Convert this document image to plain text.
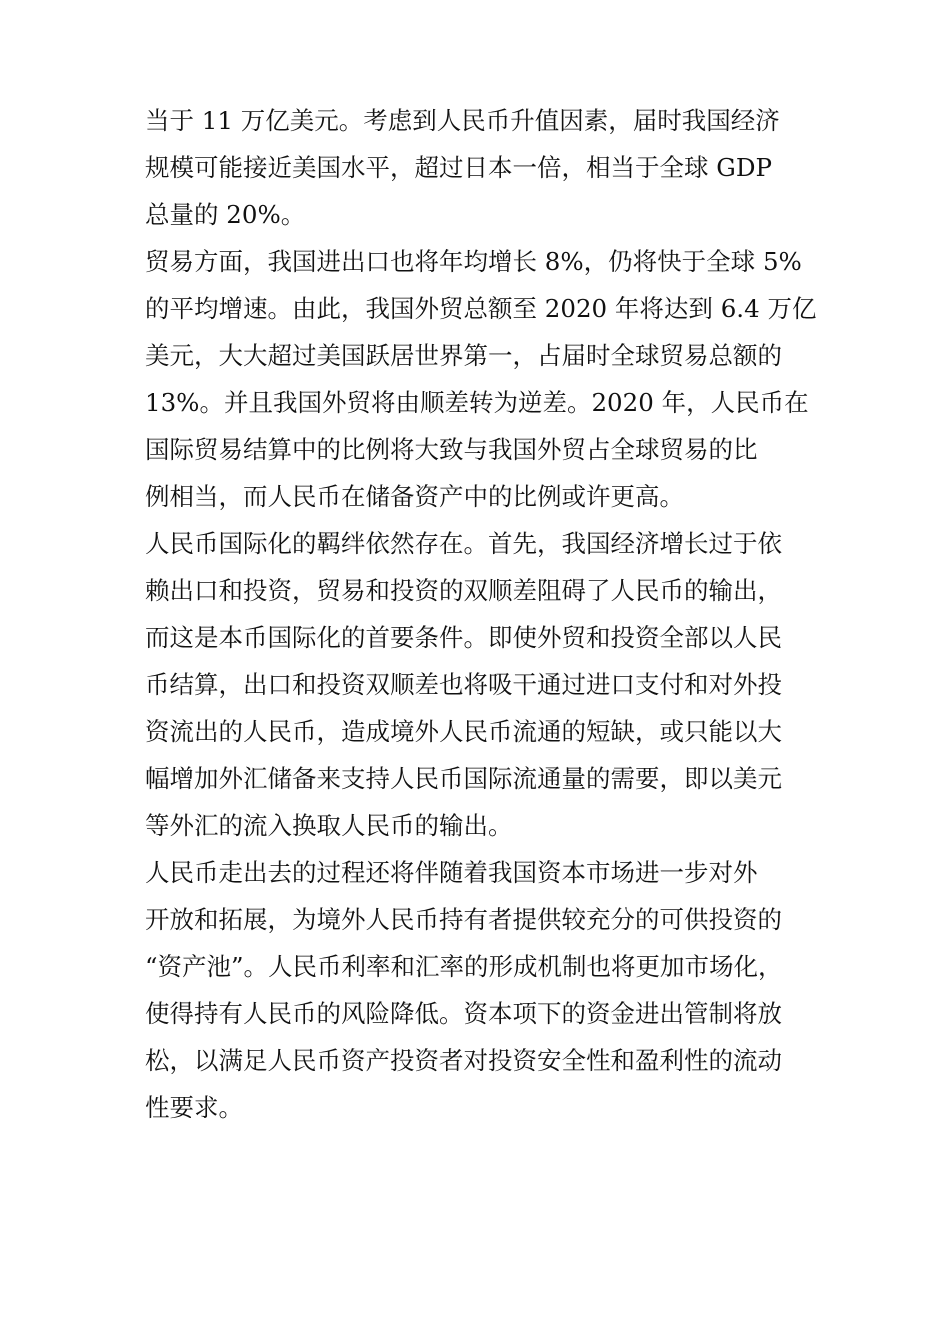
当于 11 万亿美元。考虑到人民币升值因素，届时我国经济
规模可能接近美国水平，超过日本一倍，相当于全球 GDP
总量的 20%。
贸易方面，我国进出口也将年均增长 8%，仍将快于全球 5%
的平均增速。由此，我国外贸总额至 2020 年将达到 6.4 万亿
美元，大大超过美国跃居世界第一，占届时全球贸易总额的
13%。并且我国外贸将由顺差转为逆差。2020 年，人民币在
国际贸易结算中的比例将大致与我国外贸占全球贸易的比
例相当，而人民币在储备资产中的比例或许更高。
人民币国际化的羁绊依然存在。首先，我国经济增长过于依
赖出口和投资，贸易和投资的双顺差阻碍了人民币的输出，
而这是本币国际化的首要条件。即使外贸和投资全部以人民
币结算，出口和投资双顺差也将吸干通过进口支付和对外投
资流出的人民币，造成境外人民币流通的短缺，或只能以大
幅增加外汇储备来支持人民币国际流通量的需要，即以美元
等外汇的流入换取人民币的输出。
人民币走出去的过程还将伴随着我国资本市场进一步对外
开放和拓展，为境外人民币持有者提供较充分的可供投资的
“资产池”。人民币利率和汇率的形成机制也将更加市场化，
使得持有人民币的风险降低。资本项下的资金进出管制将放
松，以满足人民币资产投资者对投资安全性和盈利性的流动
性要求。
